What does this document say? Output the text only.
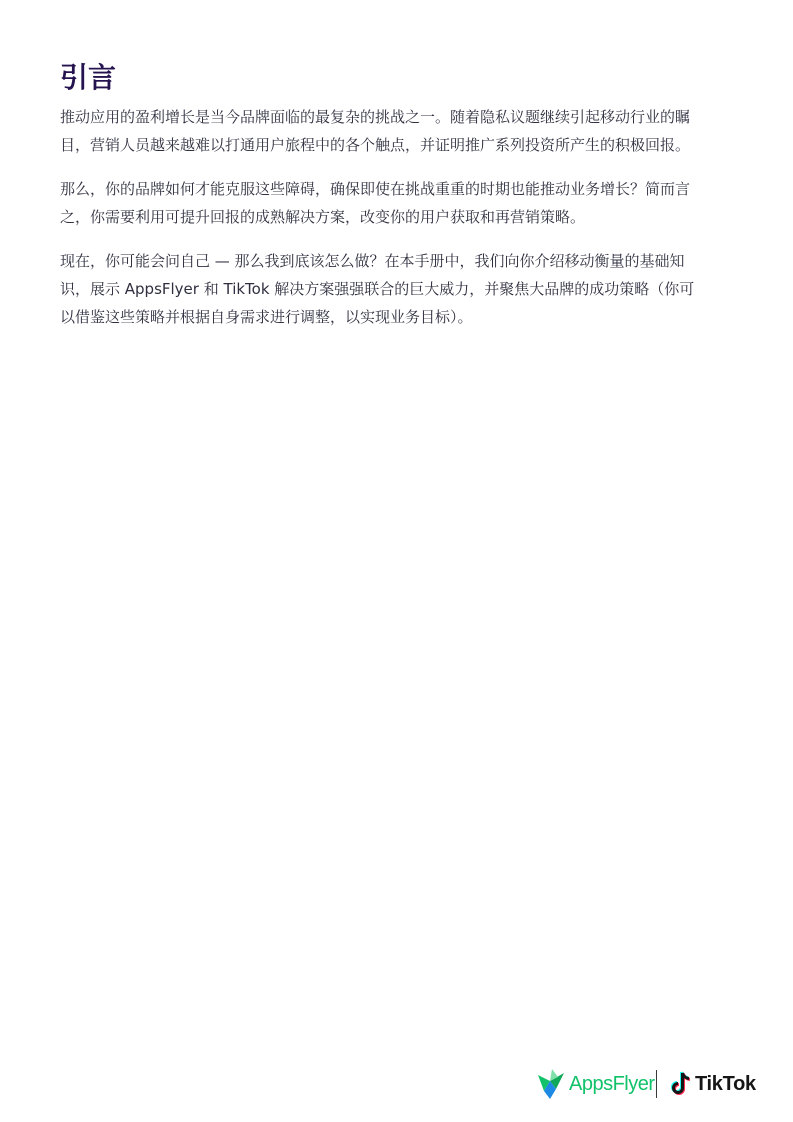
引言

推动应用的盈利增长是当今品牌面临的最复杂的挑战之一。随着隐私议题继续引起移动行业的瞩目，营销人员越来越难以打通用户旅程中的各个触点，并证明推广系列投资所产生的积极回报。

那么，你的品牌如何才能克服这些障碍，确保即使在挑战重重的时期也能推动业务增长？简而言之，你需要利用可提升回报的成熟解决方案，改变你的用户获取和再营销策略。

现在，你可能会问自己 — 那么我到底该怎么做？在本手册中，我们向你介绍移动衡量的基础知识，展示 AppsFlyer 和 TikTok 解决方案强强联合的巨大威力，并聚焦大品牌的成功策略（你可以借鉴这些策略并根据自身需求进行调整，以实现业务目标）。

AppsFlyer TikTok
